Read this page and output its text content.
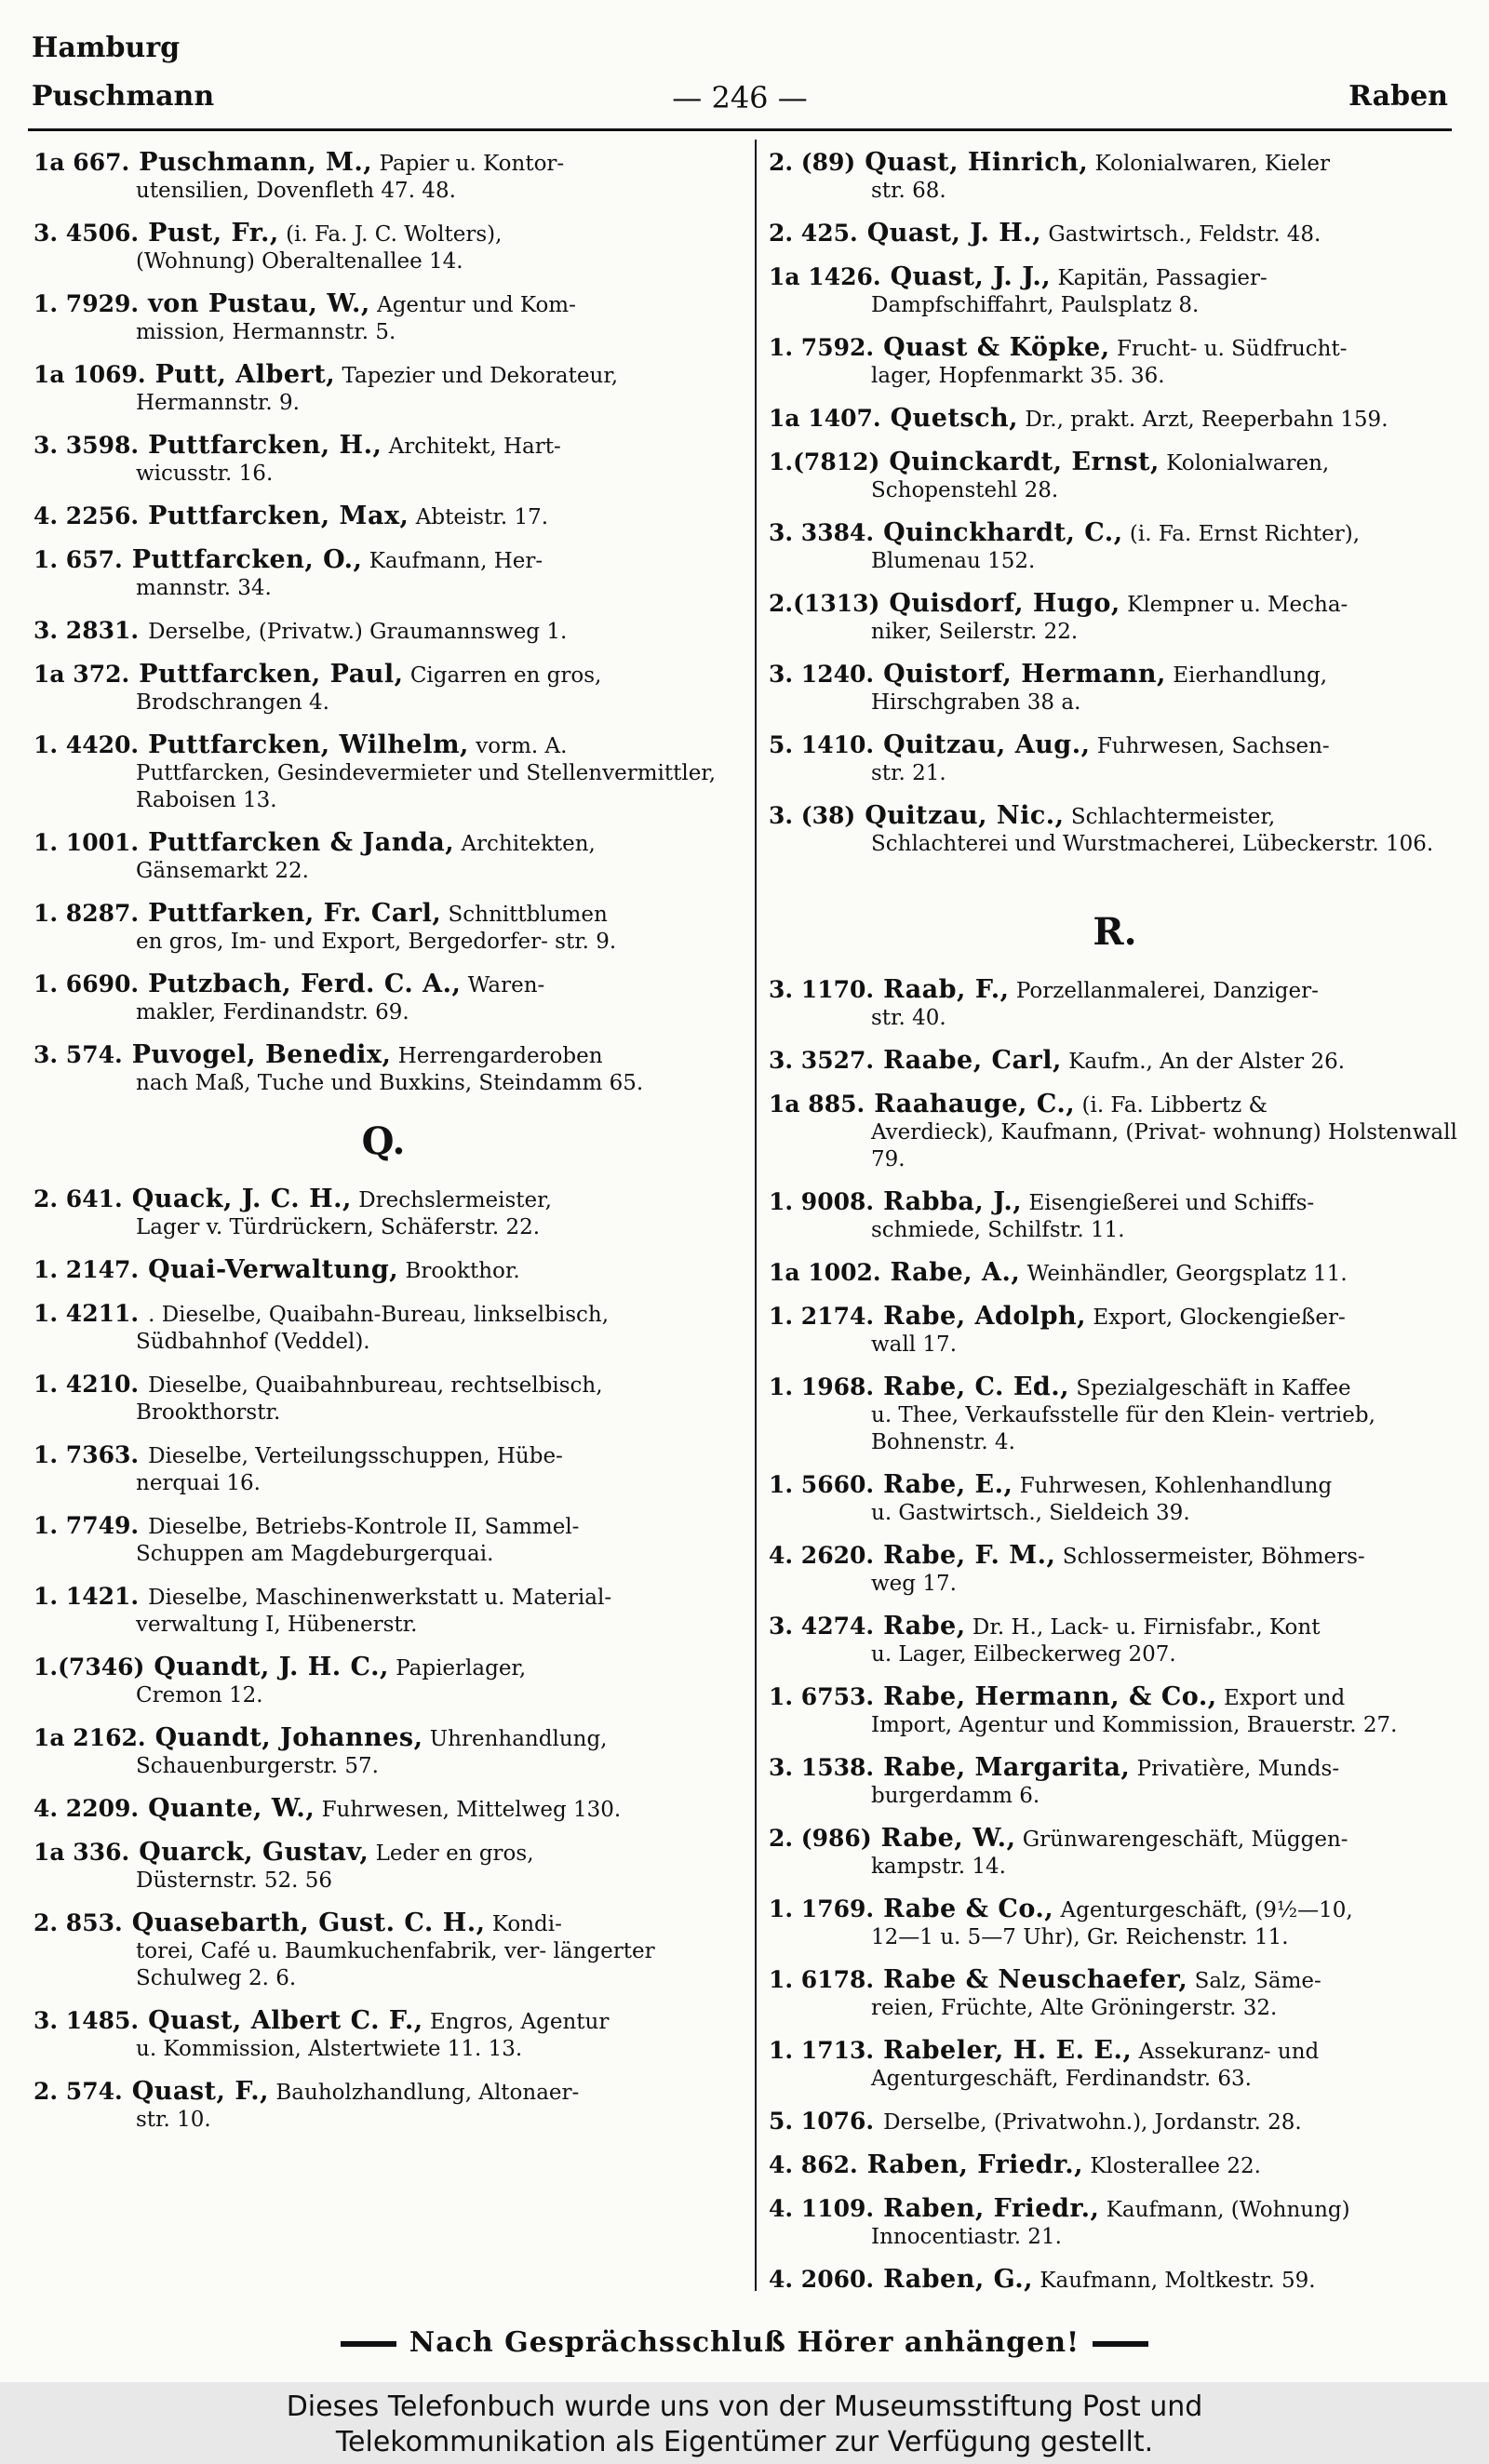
Hamburg
Puschmann	— 246 —	Raben
1a 667. Puschmann, M., Papier u. Kontor-
utensilien, Dovenfleth 47. 48.
3. 4506. Pust, Fr., (i. Fa. J. C. Wolters),
(Wohnung) Oberaltenallee 14.
1. 7929. von Pustau, W., Agentur und Kom-
mission, Hermannstr. 5.
1a 1069. Putt, Albert, Tapezier und Dekorateur,
Hermannstr. 9.
3. 3598. Puttfarcken, H., Architekt, Hart-
wicusstr. 16.
4. 2256. Puttfarcken, Max, Abteistr. 17.
1. 657. Puttfarcken, O., Kaufmann, Her-
mannstr. 34.
3. 2831. Derselbe, (Privatw.) Graumannsweg 1.
1a 372. Puttfarcken, Paul, Cigarren en gros,
Brodschrangen 4.
1. 4420. Puttfarcken, Wilhelm, vorm. A.
Puttfarcken, Gesindevermieter und Stellenvermittler, Raboisen 13.
1. 1001. Puttfarcken & Janda, Architekten,
Gänsemarkt 22.
1. 8287. Puttfarken, Fr. Carl, Schnittblumen
en gros, Im- und Export, Bergedorfer- str. 9.
1. 6690. Putzbach, Ferd. C. A., Waren-
makler, Ferdinandstr. 69.
3. 574. Puvogel, Benedix, Herrengarderoben
nach Maß, Tuche und Buxkins, Steindamm 65.
Q.
2. 641. Quack, J. C. H., Drechslermeister,
Lager v. Türdrückern, Schäferstr. 22.
1. 2147. Quai-Verwaltung, Brookthor.
1. 4211. . Dieselbe, Quaibahn-Bureau, linkselbisch,
Südbahnhof (Veddel).
1. 4210. Dieselbe, Quaibahnbureau, rechtselbisch,
Brookthorstr.
1. 7363. Dieselbe, Verteilungsschuppen, Hübe-
nerquai 16.
1. 7749. Dieselbe, Betriebs-Kontrole II, Sammel-
Schuppen am Magdeburgerquai.
1. 1421. Dieselbe, Maschinenwerkstatt u. Material-
verwaltung I, Hübenerstr.
1.(7346) Quandt, J. H. C., Papierlager,
Cremon 12.
1a 2162. Quandt, Johannes, Uhrenhandlung,
Schauenburgerstr. 57.
4. 2209. Quante, W., Fuhrwesen, Mittelweg 130.
1a 336. Quarck, Gustav, Leder en gros,
Düsternstr. 52. 56
2. 853. Quasebarth, Gust. C. H., Kondi-
torei, Café u. Baumkuchenfabrik, ver- längerter Schulweg 2. 6.
3. 1485. Quast, Albert C. F., Engros, Agentur
u. Kommission, Alstertwiete 11. 13.
2. 574. Quast, F., Bauholzhandlung, Altonaer-
str. 10.
2. (89) Quast, Hinrich, Kolonialwaren, Kieler
str. 68.
2. 425. Quast, J. H., Gastwirtsch., Feldstr. 48.
1a 1426. Quast, J. J., Kapitän, Passagier-
Dampfschiffahrt, Paulsplatz 8.
1. 7592. Quast & Köpke, Frucht- u. Südfrucht-
lager, Hopfenmarkt 35. 36.
1a 1407. Quetsch, Dr., prakt. Arzt, Reeperbahn 159.
1.(7812) Quinckardt, Ernst, Kolonialwaren,
Schopenstehl 28.
3. 3384. Quinckhardt, C., (i. Fa. Ernst Richter),
Blumenau 152.
2.(1313) Quisdorf, Hugo, Klempner u. Mecha-
niker, Seilerstr. 22.
3. 1240. Quistorf, Hermann, Eierhandlung,
Hirschgraben 38 a.
5. 1410. Quitzau, Aug., Fuhrwesen, Sachsen-
str. 21.
3. (38) Quitzau, Nic., Schlachtermeister,
Schlachterei und Wurstmacherei, Lübeckerstr. 106.
R.
3. 1170. Raab, F., Porzellanmalerei, Danziger-
str. 40.
3. 3527. Raabe, Carl, Kaufm., An der Alster 26.
1a 885. Raahauge, C., (i. Fa. Libbertz &
Averdieck), Kaufmann, (Privat- wohnung) Holstenwall 79.
1. 9008. Rabba, J., Eisengießerei und Schiffs-
schmiede, Schilfstr. 11.
1a 1002. Rabe, A., Weinhändler, Georgsplatz 11.
1. 2174. Rabe, Adolph, Export, Glockengießer-
wall 17.
1. 1968. Rabe, C. Ed., Spezialgeschäft in Kaffee
u. Thee, Verkaufsstelle für den Klein- vertrieb, Bohnenstr. 4.
1. 5660. Rabe, E., Fuhrwesen, Kohlenhandlung
u. Gastwirtsch., Sieldeich 39.
4. 2620. Rabe, F. M., Schlossermeister, Böhmers-
weg 17.
3. 4274. Rabe, Dr. H., Lack- u. Firnisfabr., Kont
u. Lager, Eilbeckerweg 207.
1. 6753. Rabe, Hermann, & Co., Export und
Import, Agentur und Kommission, Brauerstr. 27.
3. 1538. Rabe, Margarita, Privatière, Munds-
burgerdamm 6.
2. (986) Rabe, W., Grünwarengeschäft, Müggen-
kampstr. 14.
1. 1769. Rabe & Co., Agenturgeschäft, (9½—10,
12—1 u. 5—7 Uhr), Gr. Reichenstr. 11.
1. 6178. Rabe & Neuschaefer, Salz, Säme-
reien, Früchte, Alte Gröningerstr. 32.
1. 1713. Rabeler, H. E. E., Assekuranz- und
Agenturgeschäft, Ferdinandstr. 63.
5. 1076. Derselbe, (Privatwohn.), Jordanstr. 28.
4. 862. Raben, Friedr., Klosterallee 22.
4. 1109. Raben, Friedr., Kaufmann, (Wohnung)
Innocentiastr. 21.
4. 2060. Raben, G., Kaufmann, Moltkestr. 59.
Nach Gesprächsschluß Hörer anhängen!
Dieses Telefonbuch wurde uns von der Museumsstiftung Post und
Telekommunikation als Eigentümer zur Verfügung gestellt.
